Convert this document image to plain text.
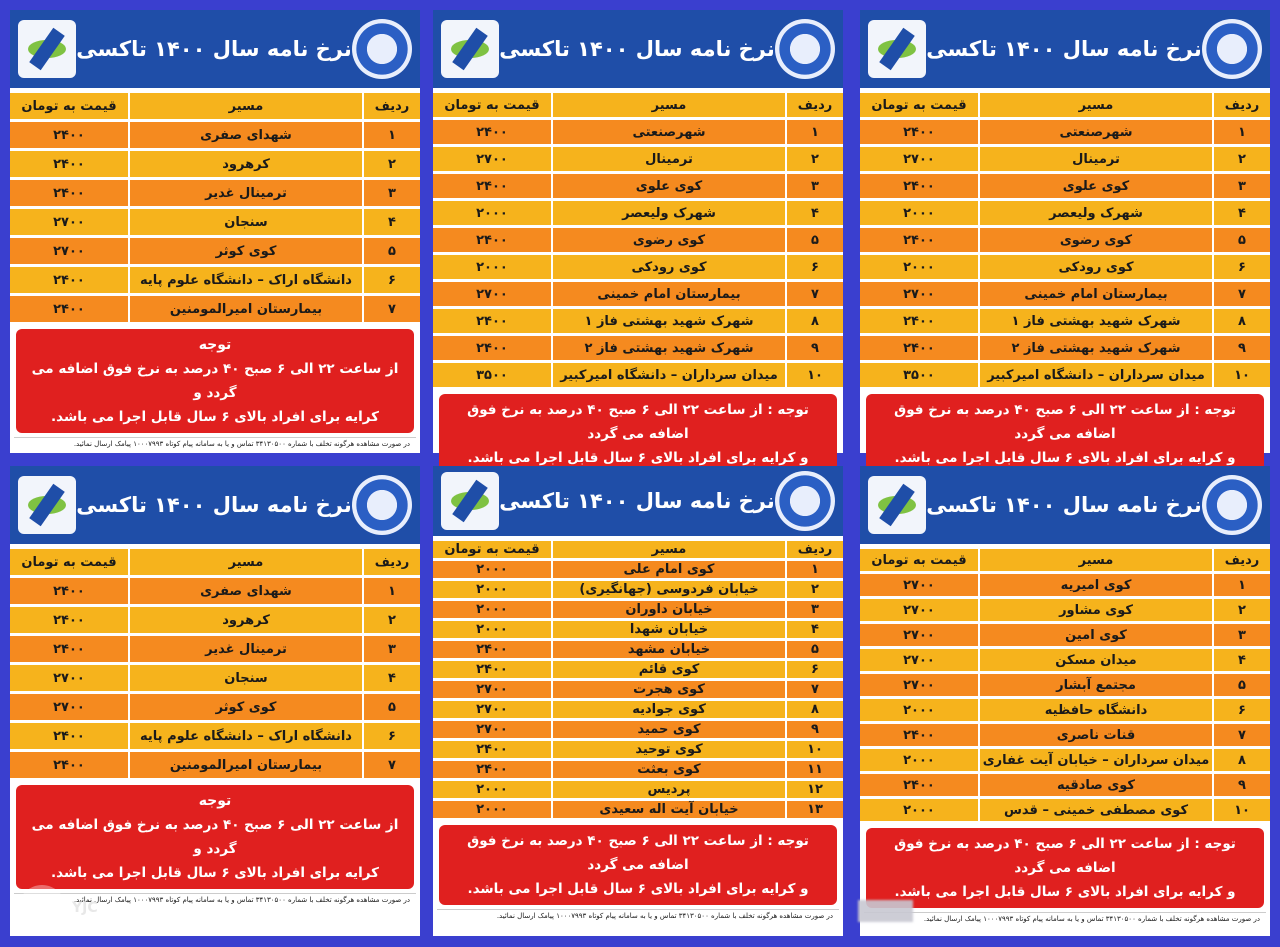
نرخ نامه سال ۱۴۰۰ تاکسی
ردیف	مسیر	قیمت به تومان
۱	شهرصنعتی	۲۴۰۰
۲	ترمینال	۲۷۰۰
۳	کوی علوی	۲۴۰۰
۴	شهرک ولیعصر	۲۰۰۰
۵	کوی رضوی	۲۴۰۰
۶	کوی رودکی	۲۰۰۰
۷	بیمارستان امام خمینی	۲۷۰۰
۸	شهرک شهید بهشتی فاز ۱	۲۴۰۰
۹	شهرک شهید بهشتی فاز ۲	۲۴۰۰
۱۰	میدان سرداران – دانشگاه امیرکبیر	۳۵۰۰
توجه : از ساعت ۲۲ الی ۶ صبح ۴۰ درصد به نرخ فوق اضافه می گردد
و کرایه برای افراد بالای ۶ سال قابل اجرا می باشد.
نرخ نامه سال ۱۴۰۰ تاکسی
ردیف	مسیر	قیمت به تومان
۱	شهرصنعتی	۲۴۰۰
۲	ترمینال	۲۷۰۰
۳	کوی علوی	۲۴۰۰
۴	شهرک ولیعصر	۲۰۰۰
۵	کوی رضوی	۲۴۰۰
۶	کوی رودکی	۲۰۰۰
۷	بیمارستان امام خمینی	۲۷۰۰
۸	شهرک شهید بهشتی فاز ۱	۲۴۰۰
۹	شهرک شهید بهشتی فاز ۲	۲۴۰۰
۱۰	میدان سرداران – دانشگاه امیرکبیر	۳۵۰۰
توجه : از ساعت ۲۲ الی ۶ صبح ۴۰ درصد به نرخ فوق اضافه می گردد
و کرایه برای افراد بالای ۶ سال قابل اجرا می باشد.
نرخ نامه سال ۱۴۰۰ تاکسی
ردیف	مسیر	قیمت به تومان
۱	شهدای صفری	۲۴۰۰
۲	کرهرود	۲۴۰۰
۳	ترمینال غدیر	۲۴۰۰
۴	سنجان	۲۷۰۰
۵	کوی کوثر	۲۷۰۰
۶	دانشگاه اراک – دانشگاه علوم پایه	۲۴۰۰
۷	بیمارستان امیرالمومنین	۲۴۰۰
توجه
از ساعت ۲۲ الی ۶ صبح ۴۰ درصد به نرخ فوق اضافه می گردد و
کرایه برای افراد بالای ۶ سال قابل اجرا می باشد.
در صورت مشاهده هرگونه تخلف با شماره ۳۴۱۳۰۵۰۰ تماس و یا به سامانه پیام کوتاه ۱۰۰۰۷۹۹۳ پیامک ارسال نمائید.
نرخ نامه سال ۱۴۰۰ تاکسی
ردیف	مسیر	قیمت به تومان
۱	کوی امیریه	۲۷۰۰
۲	کوی مشاور	۲۷۰۰
۳	کوی امین	۲۷۰۰
۴	میدان مسکن	۲۷۰۰
۵	مجتمع آبشار	۲۷۰۰
۶	دانشگاه حافظیه	۲۰۰۰
۷	قنات ناصری	۲۴۰۰
۸	میدان سرداران – خیابان آیت غفاری	۲۰۰۰
۹	کوی صادقیه	۲۴۰۰
۱۰	کوی مصطفی خمینی – قدس	۲۰۰۰
توجه : از ساعت ۲۲ الی ۶ صبح ۴۰ درصد به نرخ فوق اضافه می گردد
و کرایه برای افراد بالای ۶ سال قابل اجرا می باشد.
در صورت مشاهده هرگونه تخلف با شماره ۳۴۱۳۰۵۰۰ تماس و یا به سامانه پیام کوتاه ۱۰۰۰۷۹۹۳ پیامک ارسال نمائید.
نرخ نامه سال ۱۴۰۰ تاکسی
ردیف	مسیر	قیمت به تومان
۱	کوی امام علی	۲۰۰۰
۲	خیابان فردوسی (جهانگیری)	۲۰۰۰
۳	خیابان داوران	۲۰۰۰
۴	خیابان شهدا	۲۰۰۰
۵	خیابان مشهد	۲۴۰۰
۶	کوی قائم	۲۴۰۰
۷	کوی هجرت	۲۷۰۰
۸	کوی جوادیه	۲۷۰۰
۹	کوی حمید	۲۷۰۰
۱۰	کوی توحید	۲۴۰۰
۱۱	کوی بعثت	۲۴۰۰
۱۲	پردیس	۲۰۰۰
۱۳	خیابان آیت اله سعیدی	۲۰۰۰
توجه : از ساعت ۲۲ الی ۶ صبح ۴۰ درصد به نرخ فوق اضافه می گردد
و کرایه برای افراد بالای ۶ سال قابل اجرا می باشد.
در صورت مشاهده هرگونه تخلف با شماره ۳۴۱۳۰۵۰۰ تماس و یا به سامانه پیام کوتاه ۱۰۰۰۷۹۹۳ پیامک ارسال نمائید.
نرخ نامه سال ۱۴۰۰ تاکسی
ردیف	مسیر	قیمت به تومان
۱	شهدای صفری	۲۴۰۰
۲	کرهرود	۲۴۰۰
۳	ترمینال غدیر	۲۴۰۰
۴	سنجان	۲۷۰۰
۵	کوی کوثر	۲۷۰۰
۶	دانشگاه اراک – دانشگاه علوم پایه	۲۴۰۰
۷	بیمارستان امیرالمومنین	۲۴۰۰
توجه
از ساعت ۲۲ الی ۶ صبح ۴۰ درصد به نرخ فوق اضافه می گردد و
کرایه برای افراد بالای ۶ سال قابل اجرا می باشد.
در صورت مشاهده هرگونه تخلف با شماره ۳۴۱۳۰۵۰۰ تماس و یا به سامانه پیام کوتاه ۱۰۰۰۷۹۹۳ پیامک ارسال نمائید.
◉ YJC
